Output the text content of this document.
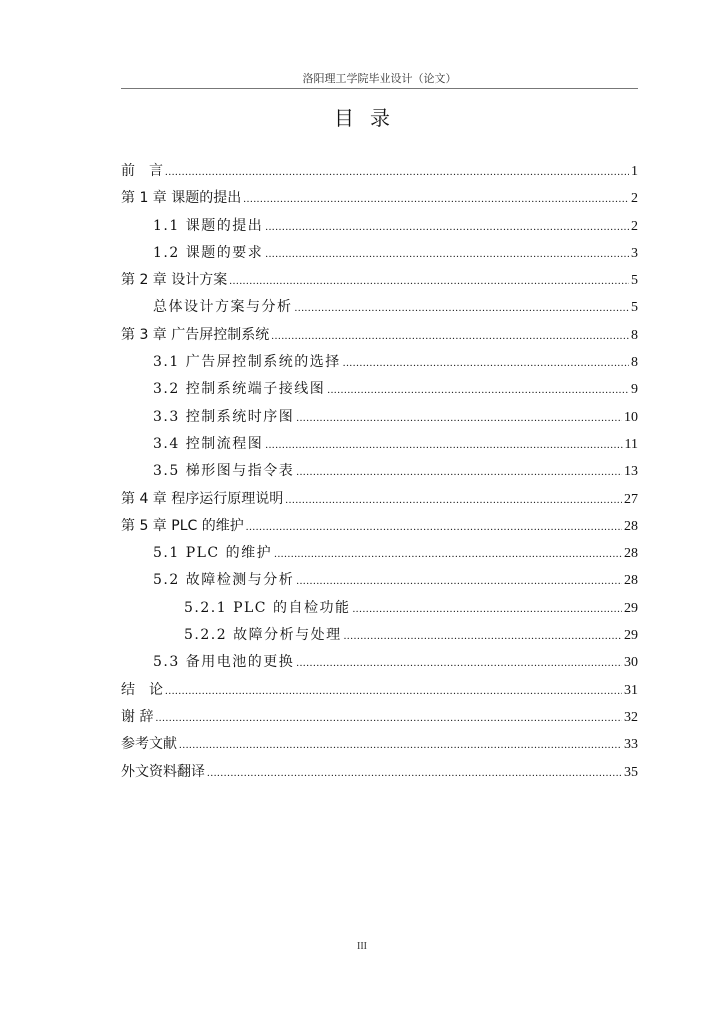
洛阳理工学院毕业设计（论文）
目录
前　言 .....	1
第 1 章 课题的提出 .....	2
1.1 课题的提出 .....	2
1.2 课题的要求 .....	3
第 2 章 设计方案 .....	5
总体设计方案与分析 .....	5
第 3 章 广告屏控制系统 .....	8
3.1 广告屏控制系统的选择 .....	8
3.2 控制系统端子接线图 .....	9
3.3 控制系统时序图 .....	10
3.4 控制流程图 .....	11
3.5 梯形图与指令表 .....	13
第 4 章 程序运行原理说明 .....	27
第 5 章 PLC 的维护 .....	28
5.1 PLC 的维护 .....	28
5.2 故障检测与分析 .....	28
5.2.1 PLC 的自检功能 .....	29
5.2.2 故障分析与处理 .....	29
5.3 备用电池的更换 .....	30
结　论 .....	31
谢 辞 .....	32
参考文献 .....	33
外文资料翻译 .....	35
III
